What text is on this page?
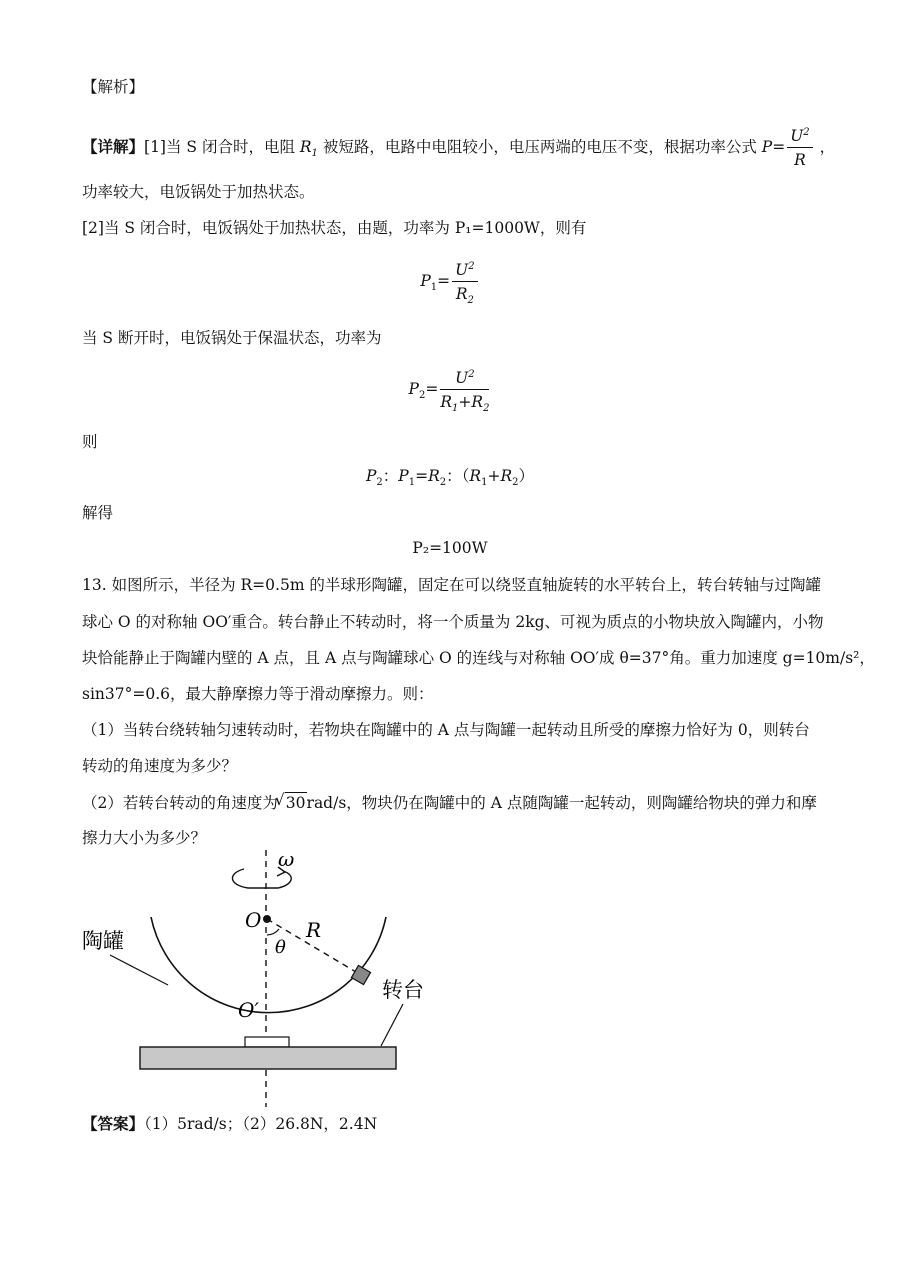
【解析】
【详解】[1]当 S 闭合时，电阻 $R_1$ 被短路，电路中电阻较小，电压两端的电压不变，根据功率公式 $P= \frac{U^2}{R}$ ，
功率较大，电饭锅处于加热状态。
[2]当 S 闭合时，电饭锅处于加热状态，由题，功率为 P₁=1000W，则有
$P_1= \frac{U^2}{R_2}$
当 S 断开时，电饭锅处于保温状态，功率为
$P_2= \frac{U^2}{R_1+R_2}$
则
$P_2$：$P_1=R_2$：$(R_1+R_2)$
解得
P₂=100W
13. 如图所示，半径为 R=0.5m 的半球形陶罐，固定在可以绕竖直轴旋转的水平转台上，转台转轴与过陶罐
球心 O 的对称轴 OO′重合。转台静止不转动时，将一个质量为 2kg、可视为质点的小物块放入陶罐内，小物
块恰能静止于陶罐内壁的 A 点，且 A 点与陶罐球心 O 的连线与对称轴 OO′成 θ=37°角。重力加速度 g=10m/s²，
sin37°=0.6，最大静摩擦力等于滑动摩擦力。则：
（1）当转台绕转轴匀速转动时，若物块在陶罐中的 A 点与陶罐一起转动且所受的摩擦力恰好为 0，则转台
转动的角速度为多少？
（2）若转台转动的角速度为 √ 30rad/s，物块仍在陶罐中的 A 点随陶罐一起转动，则陶罐给物块的弹力和摩
擦力大小为多少？
ω
O R
θ
O′
陶罐
转台
【答案】（1）5rad/s；（2）26.8N，2.4N
